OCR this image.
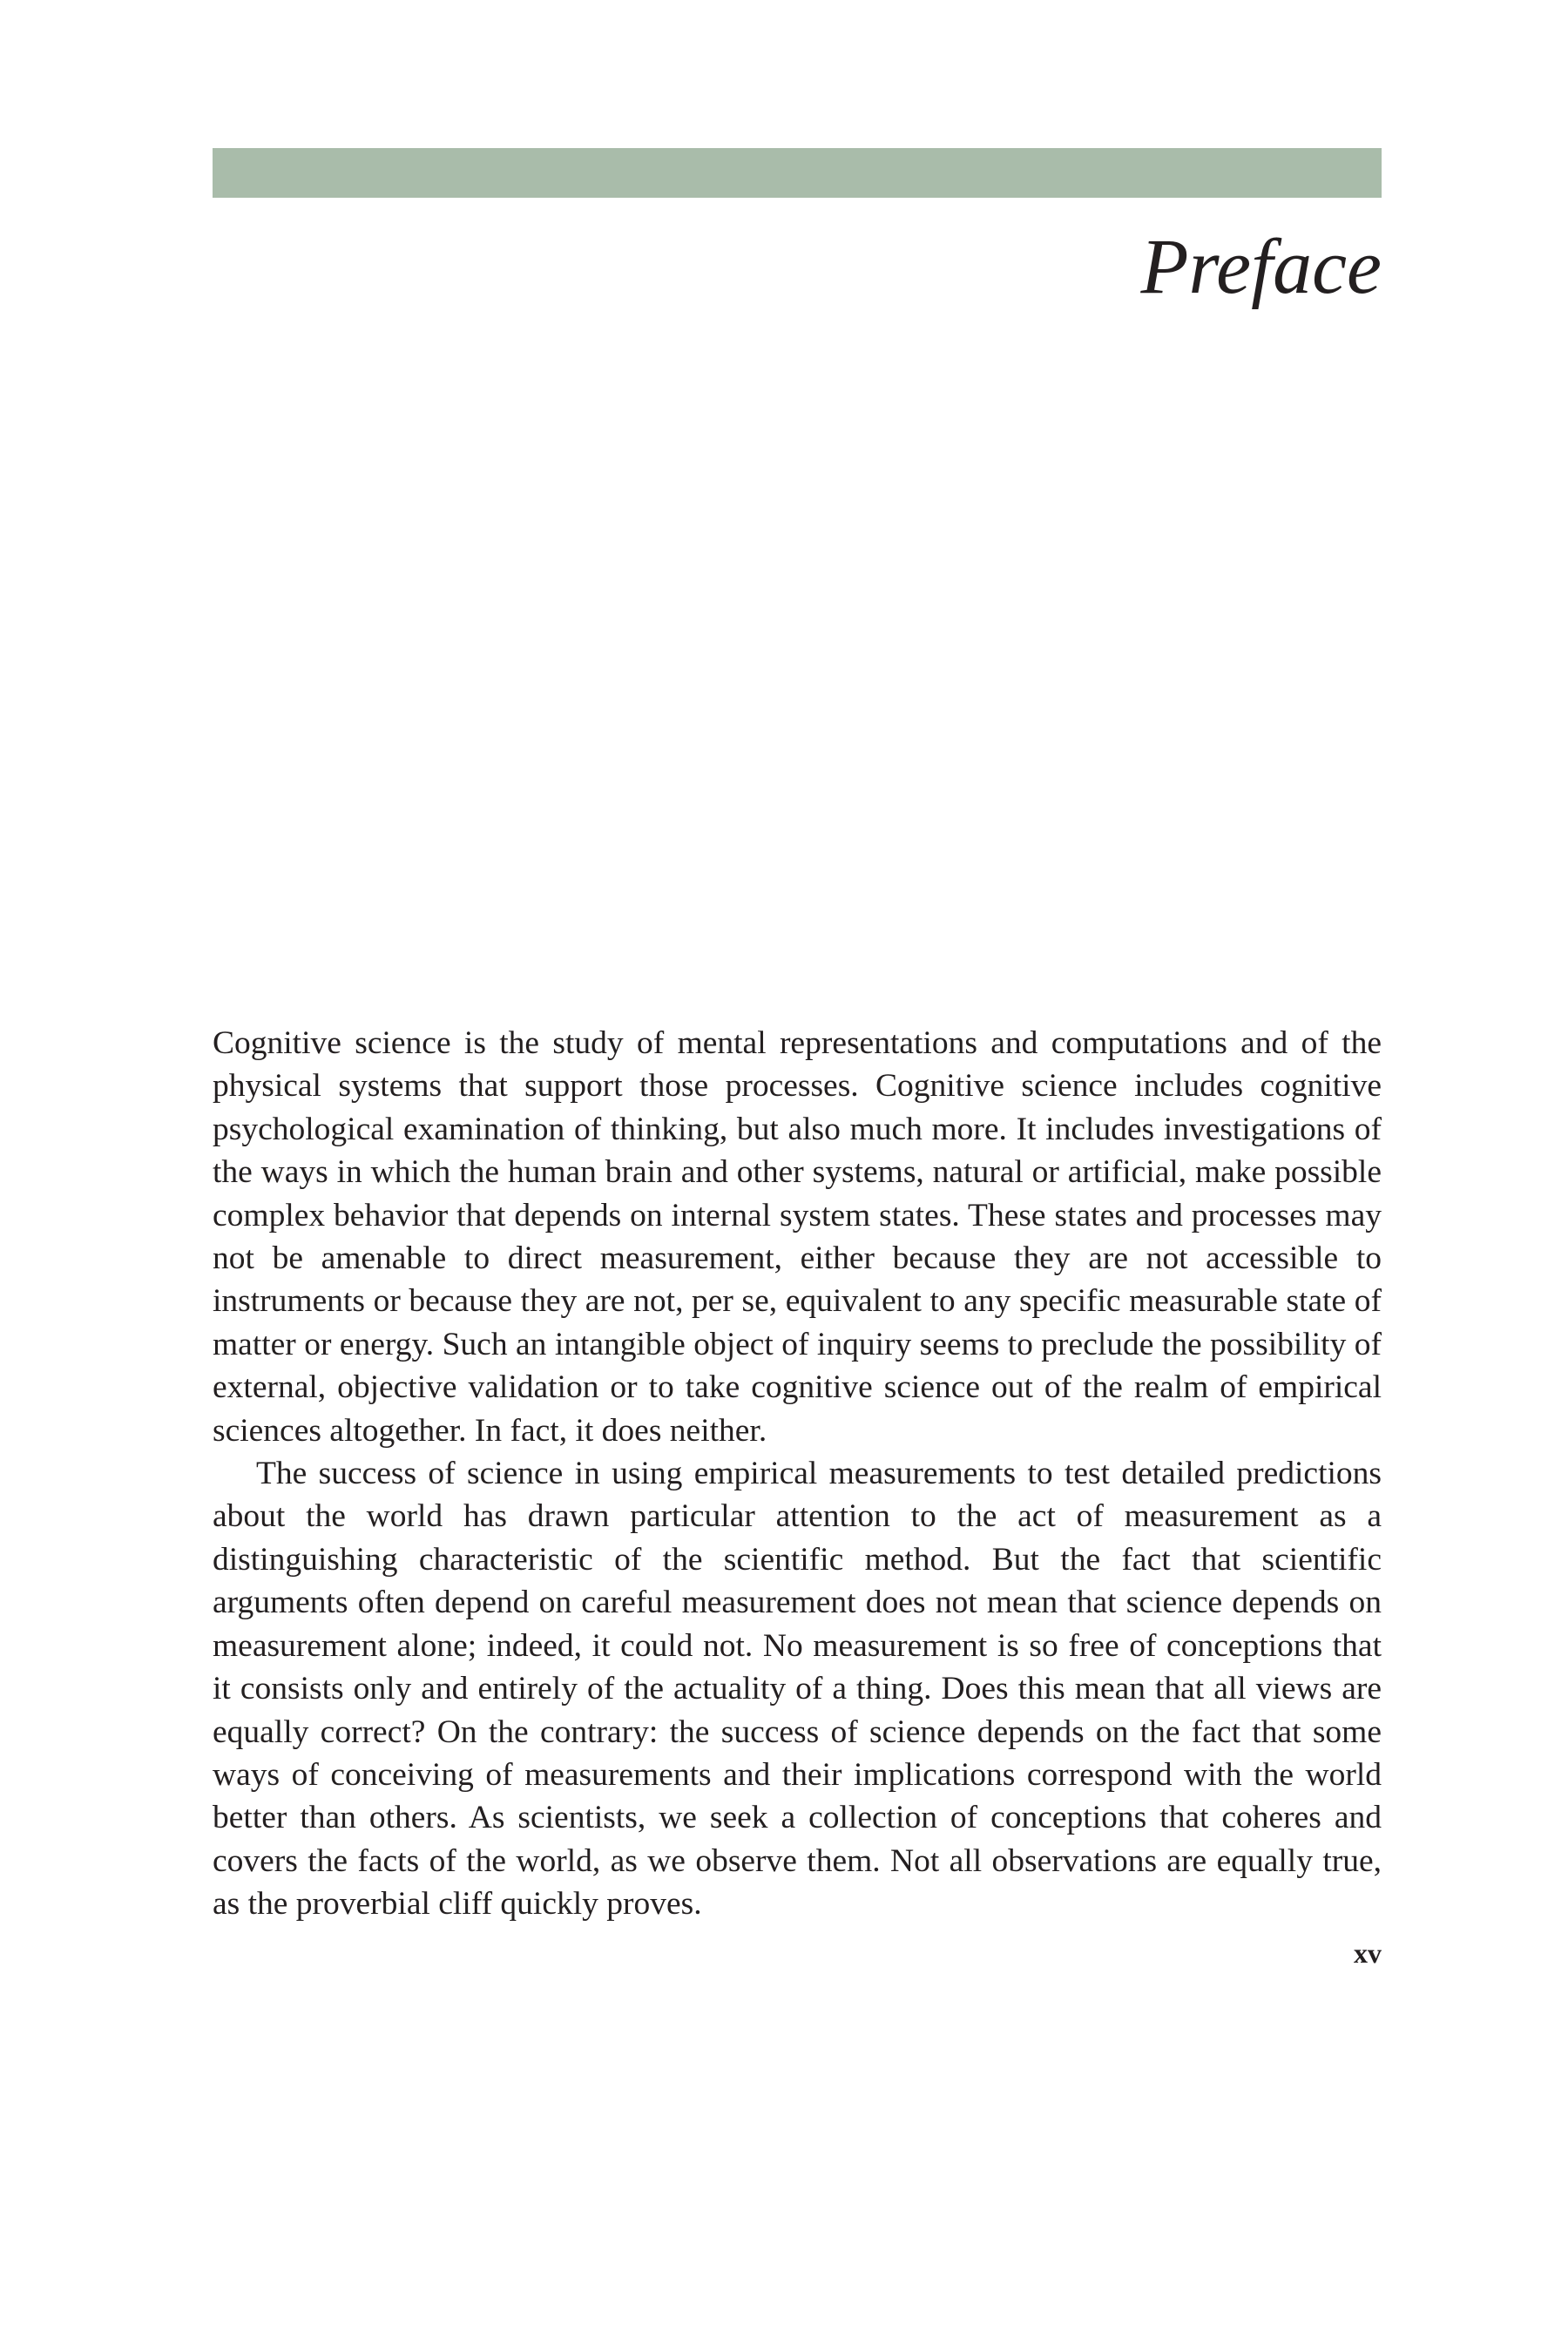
Preface

Cognitive science is the study of mental representations and computations and of the physical systems that support those processes. Cognitive science includes cognitive psychological examination of thinking, but also much more. It includes investigations of the ways in which the human brain and other systems, natural or artificial, make possible complex behavior that depends on internal system states. These states and processes may not be amenable to direct measurement, either because they are not accessible to instruments or because they are not, per se, equivalent to any specific measurable state of matter or energy. Such an intangible object of inquiry seems to preclude the possibility of external, objective validation or to take cognitive science out of the realm of empirical sciences altogether. In fact, it does neither.

The success of science in using empirical measurements to test detailed predictions about the world has drawn particular attention to the act of measurement as a distinguishing characteristic of the scientific method. But the fact that scientific arguments often depend on careful measurement does not mean that science depends on measurement alone; indeed, it could not. No measurement is so free of conceptions that it consists only and entirely of the actuality of a thing. Does this mean that all views are equally correct? On the contrary: the success of science depends on the fact that some ways of conceiving of measurements and their implications correspond with the world better than others. As scientists, we seek a collection of conceptions that coheres and covers the facts of the world, as we observe them. Not all observations are equally true, as the proverbial cliff quickly proves.

xv
